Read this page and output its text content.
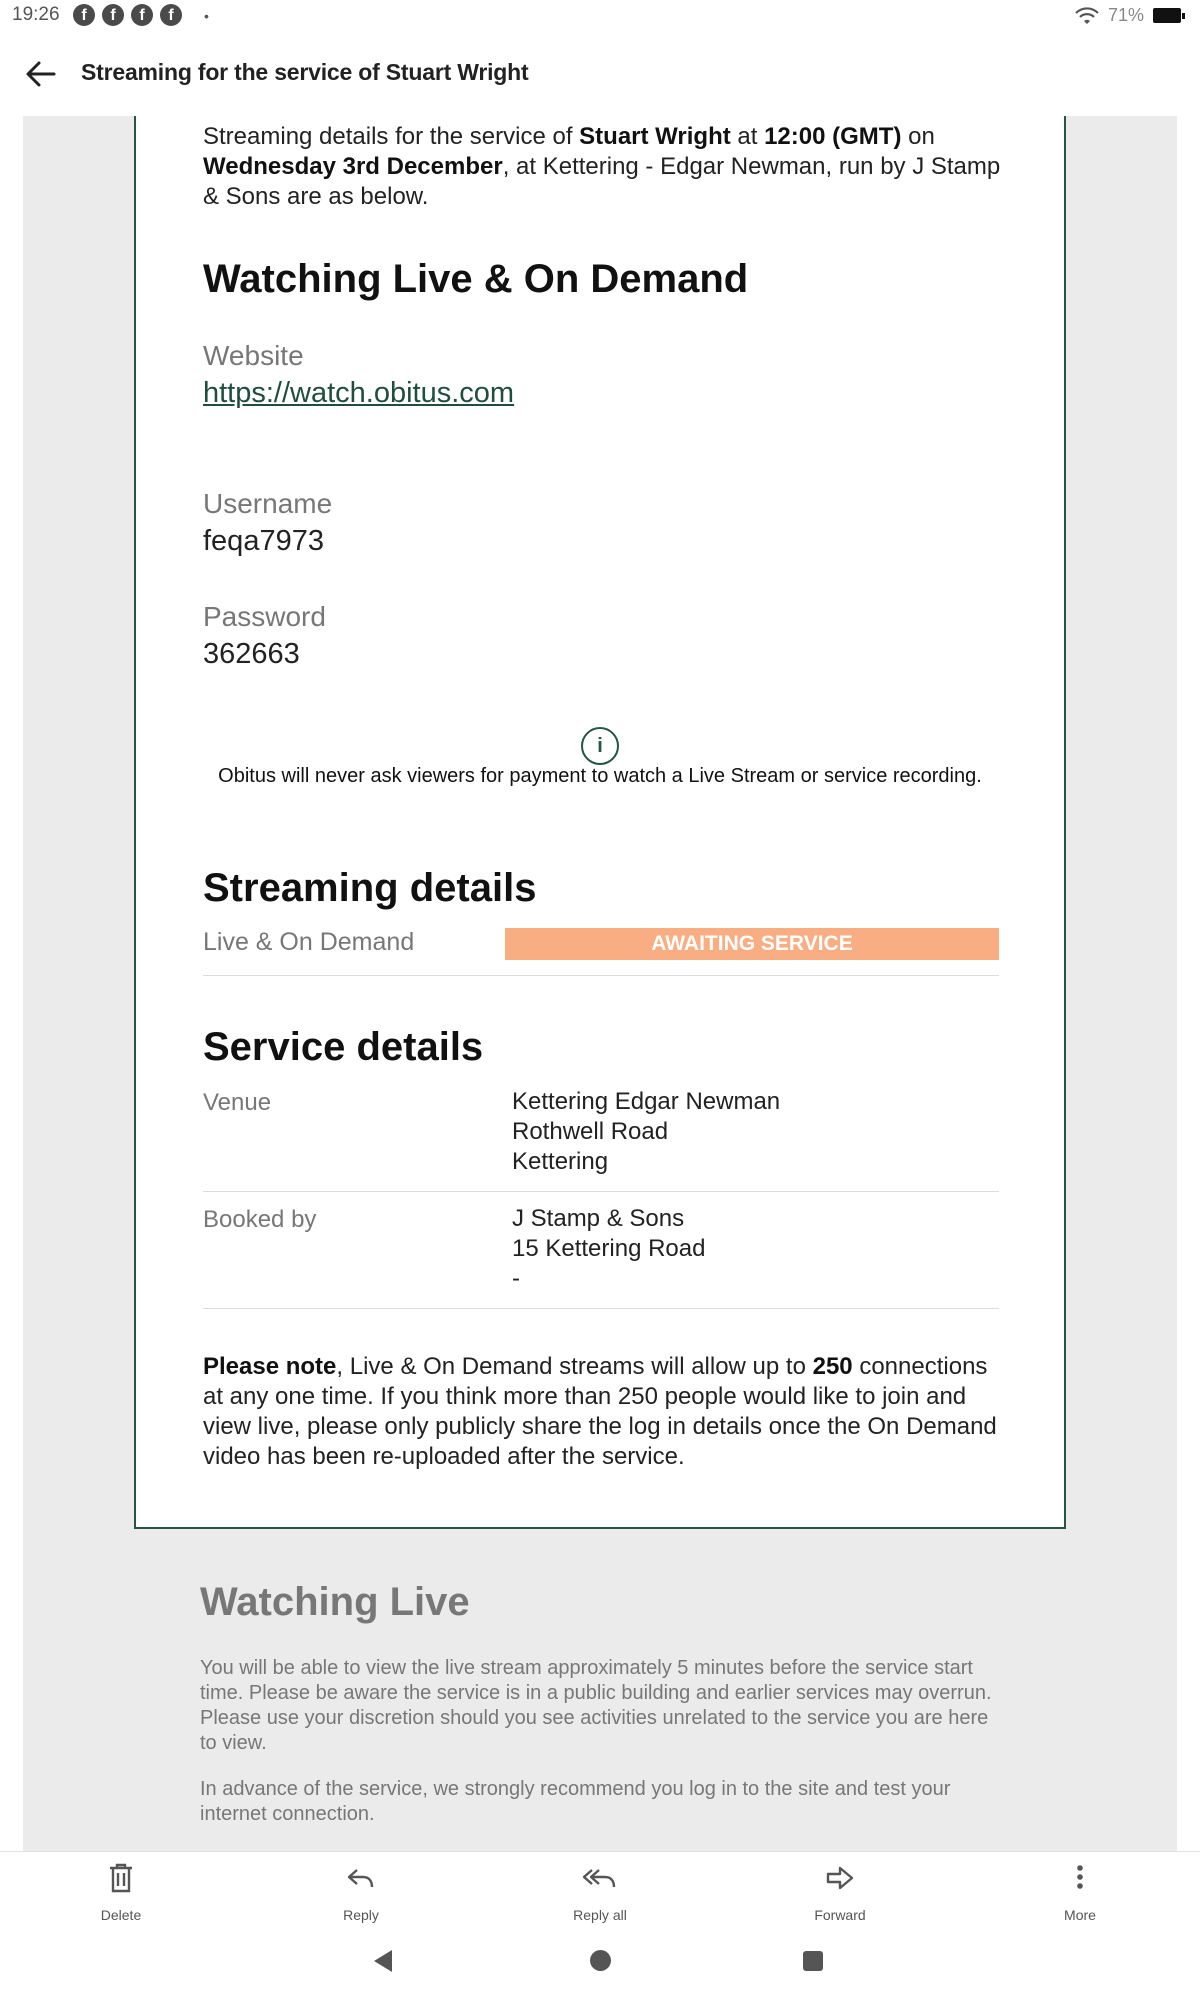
19:26	f	f	f	f	•	71%
Streaming for the service of Stuart Wright

Streaming details for the service of Stuart Wright at 12:00 (GMT) on Wednesday 3rd December, at Kettering - Edgar Newman, run by J Stamp & Sons are as below.

Watching Live & On Demand
Website
https://watch.obitus.com
Username
feqa7973
Password
362663
i

Obitus will never ask viewers for payment to watch a Live Stream or service recording.

Streaming details
Live & On Demand	AWAITING SERVICE
Service details
Venue	Kettering Edgar Newman
Rothwell Road
Kettering
Booked by	J Stamp & Sons
15 Kettering Road
-

Please note, Live & On Demand streams will allow up to 250 connections at any one time. If you think more than 250 people would like to join and view live, please only publicly share the log in details once the On Demand video has been re-uploaded after the service.

Watching Live

You will be able to view the live stream approximately 5 minutes before the service start time. Please be aware the service is in a public building and earlier services may overrun. Please use your discretion should you see activities unrelated to the service you are here to view.

In advance of the service, we strongly recommend you log in to the site and test your internet connection.

Delete	Reply	Reply all	Forward	More
